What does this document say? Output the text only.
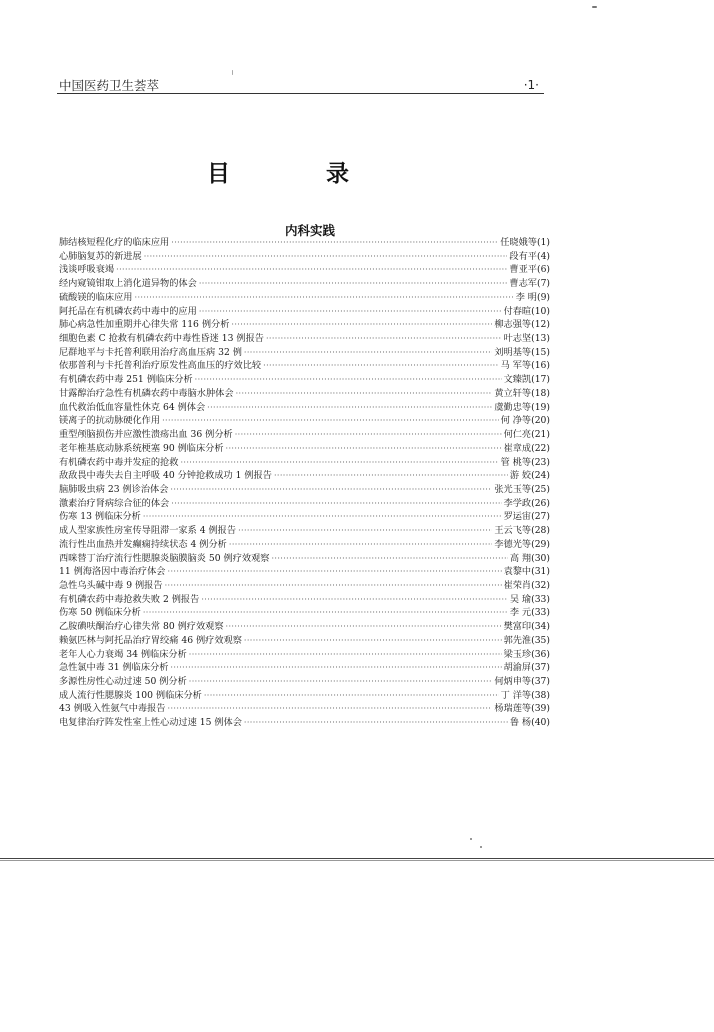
中国医药卫生荟萃	·1·
目 录
内科实践
肺结核短程化疗的临床应用 ·····	任晓娥等 (1)
心肺脑复苏的新进展 ·····	段有平 (4)
浅谈呼吸衰竭 ·····	曹亚平 (6)
经内窥镜钳取上消化道异物的体会 ·····	曹志军 (7)
硫酸镁的临床应用 ·····	李 明 (9)
阿托品在有机磷农药中毒中的应用 ·····	付春暄 (10)
肺心病急性加重期并心律失常 116 例分析 ·····	柳志强等 (12)
细胞色素 C 抢救有机磷农药中毒性昏迷 13 例报告 ·····	叶志坚 (13)
尼群地平与卡托普利联用治疗高血压病 32 例 ·····	刘明基等 (15)
依那普利与卡托普利治疗原发性高血压的疗效比较 ·····	马 军等 (16)
有机磷农药中毒 251 例临床分析 ·····	文臻凯 (17)
甘露醇治疗急性有机磷农药中毒脑水肿体会 ·····	黄立轩等 (18)
血代救治低血容量性休克 64 例体会 ·····	虞勤忠等 (19)
镁离子的抗动脉硬化作用 ·····	何 净等 (20)
重型颅脑损伤并应激性溃疡出血 36 例分析 ·····	何仁亮 (21)
老年椎基底动脉系统梗塞 90 例临床分析 ·····	崔章成 (22)
有机磷农药中毒并发症的抢救 ·····	管 桃等 (23)
敌敌畏中毒失去自主呼吸 40 分钟抢救成功 1 例报告 ·····	游 姣 (24)
脑肺吸虫病 23 例诊治体会 ·····	张光玉等 (25)
激素治疗肾病综合征的体会 ·····	李学政 (26)
伤寒 13 例临床分析 ·····	罗运宙 (27)
成人型家族性房室传导阻滞一家系 4 例报告 ·····	王云飞等 (28)
流行性出血热并发癫痫持续状态 4 例分析 ·····	李德光等 (29)
西咪替丁治疗流行性腮腺炎脑膜脑炎 50 例疗效观察 ·····	高 翔 (30)
11 例海洛因中毒治疗体会 ·····	袁黎中 (31)
急性乌头碱中毒 9 例报告 ·····	崔荣肖 (32)
有机磷农药中毒抢救失败 2 例报告 ·····	吴 瑜 (33)
伤寒 50 例临床分析 ·····	李 元 (33)
乙胺碘呋酮治疗心律失常 80 例疗效观察 ·····	樊富印 (34)
赖氨匹林与阿托品治疗胃绞痛 46 例疗效观察 ·····	郭先淮 (35)
老年人心力衰竭 34 例临床分析 ·····	梁玉珍 (36)
急性氯中毒 31 例临床分析 ·····	胡渝屏 (37)
多源性房性心动过速 50 例分析 ·····	何炳申等 (37)
成人流行性腮腺炎 100 例临床分析 ·····	丁 洋等 (38)
43 例吸入性氨气中毒报告 ·····	杨瑞莲等 (39)
电复律治疗阵发性室上性心动过速 15 例体会 ·····	鲁 杨 (40)
